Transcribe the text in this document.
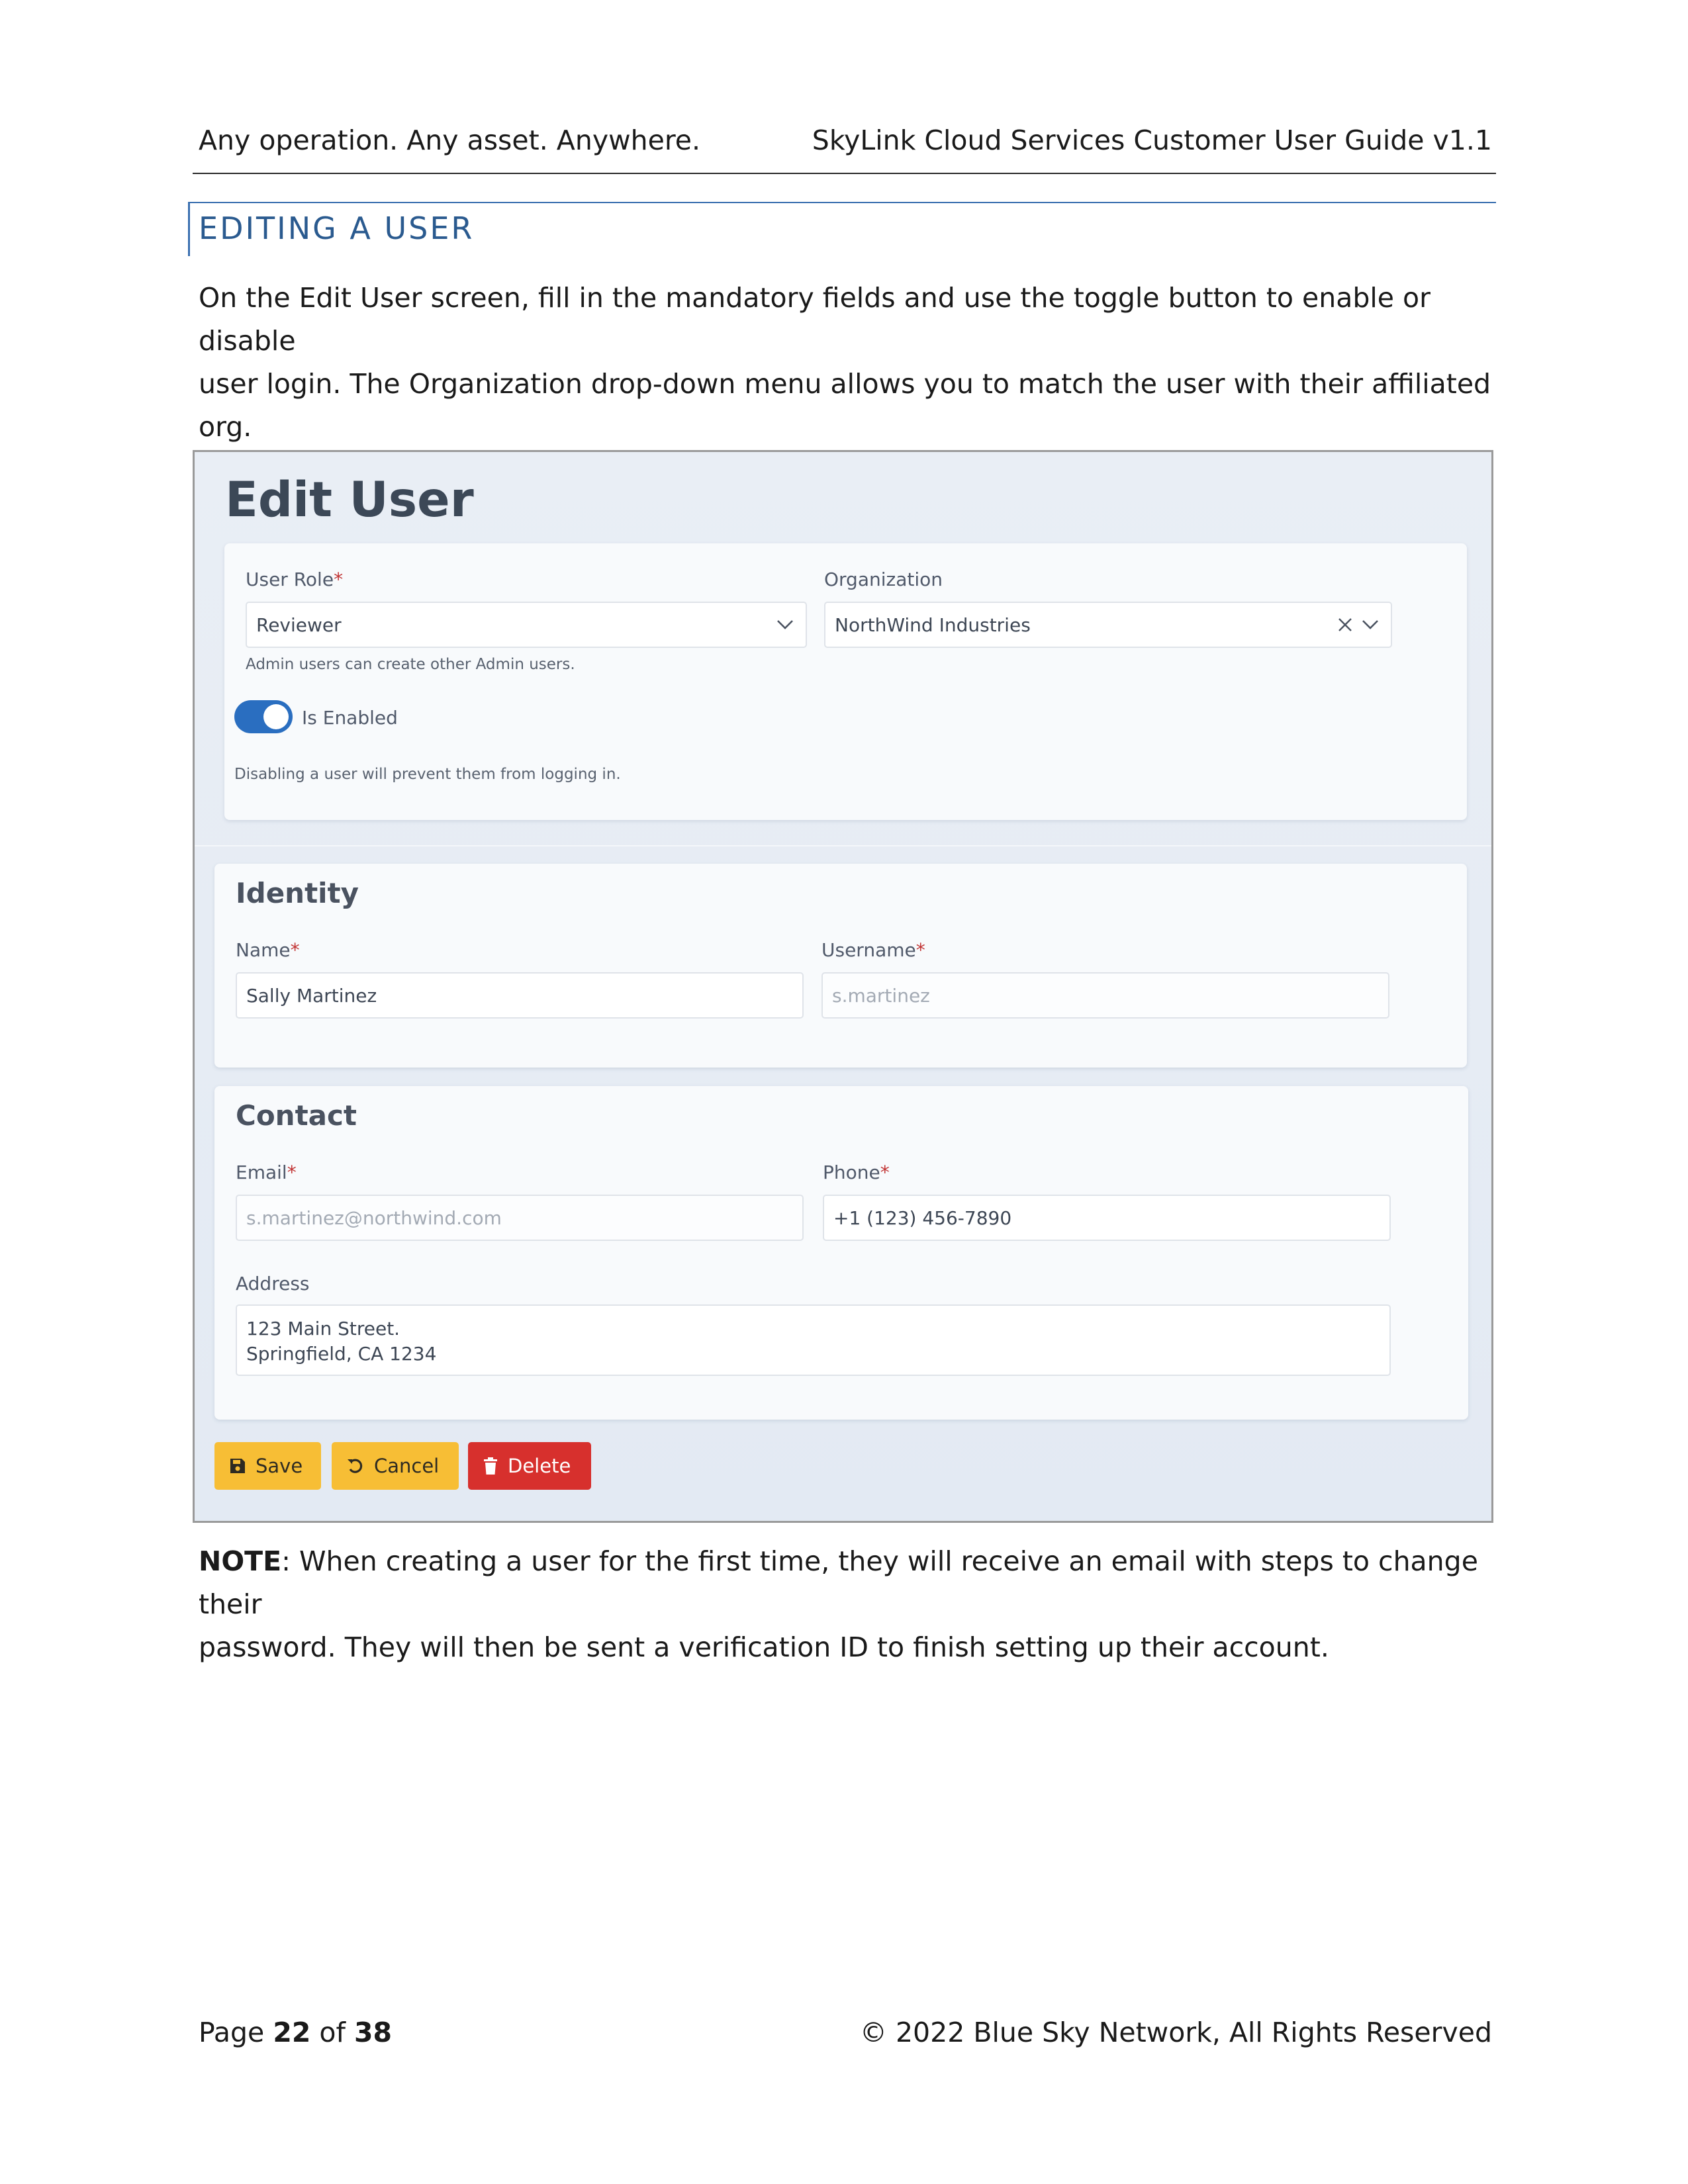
Any operation. Any asset. Anywhere.	SkyLink Cloud Services Customer User Guide v1.1
EDITING A USER

On the Edit User screen, fill in the mandatory fields and use the toggle button to enable or disable

user login. The Organization drop-down menu allows you to match the user with their affiliated org.

Edit User
User Role*
Reviewer
Admin users can create other Admin users.
Organization
NorthWind Industries
Is Enabled
Disabling a user will prevent them from logging in.
Identity
Name*
Sally Martinez
Username*
s.martinez
Contact
Email*
s.martinez@northwind.com
Phone*
+1 (123) 456-7890
Address
123 Main Street.
Springfield, CA 1234
Save	Cancel	Delete

NOTE: When creating a user for the first time, they will receive an email with steps to change their

password. They will then be sent a verification ID to finish setting up their account.

Page 22 of 38	© 2022 Blue Sky Network, All Rights Reserved
